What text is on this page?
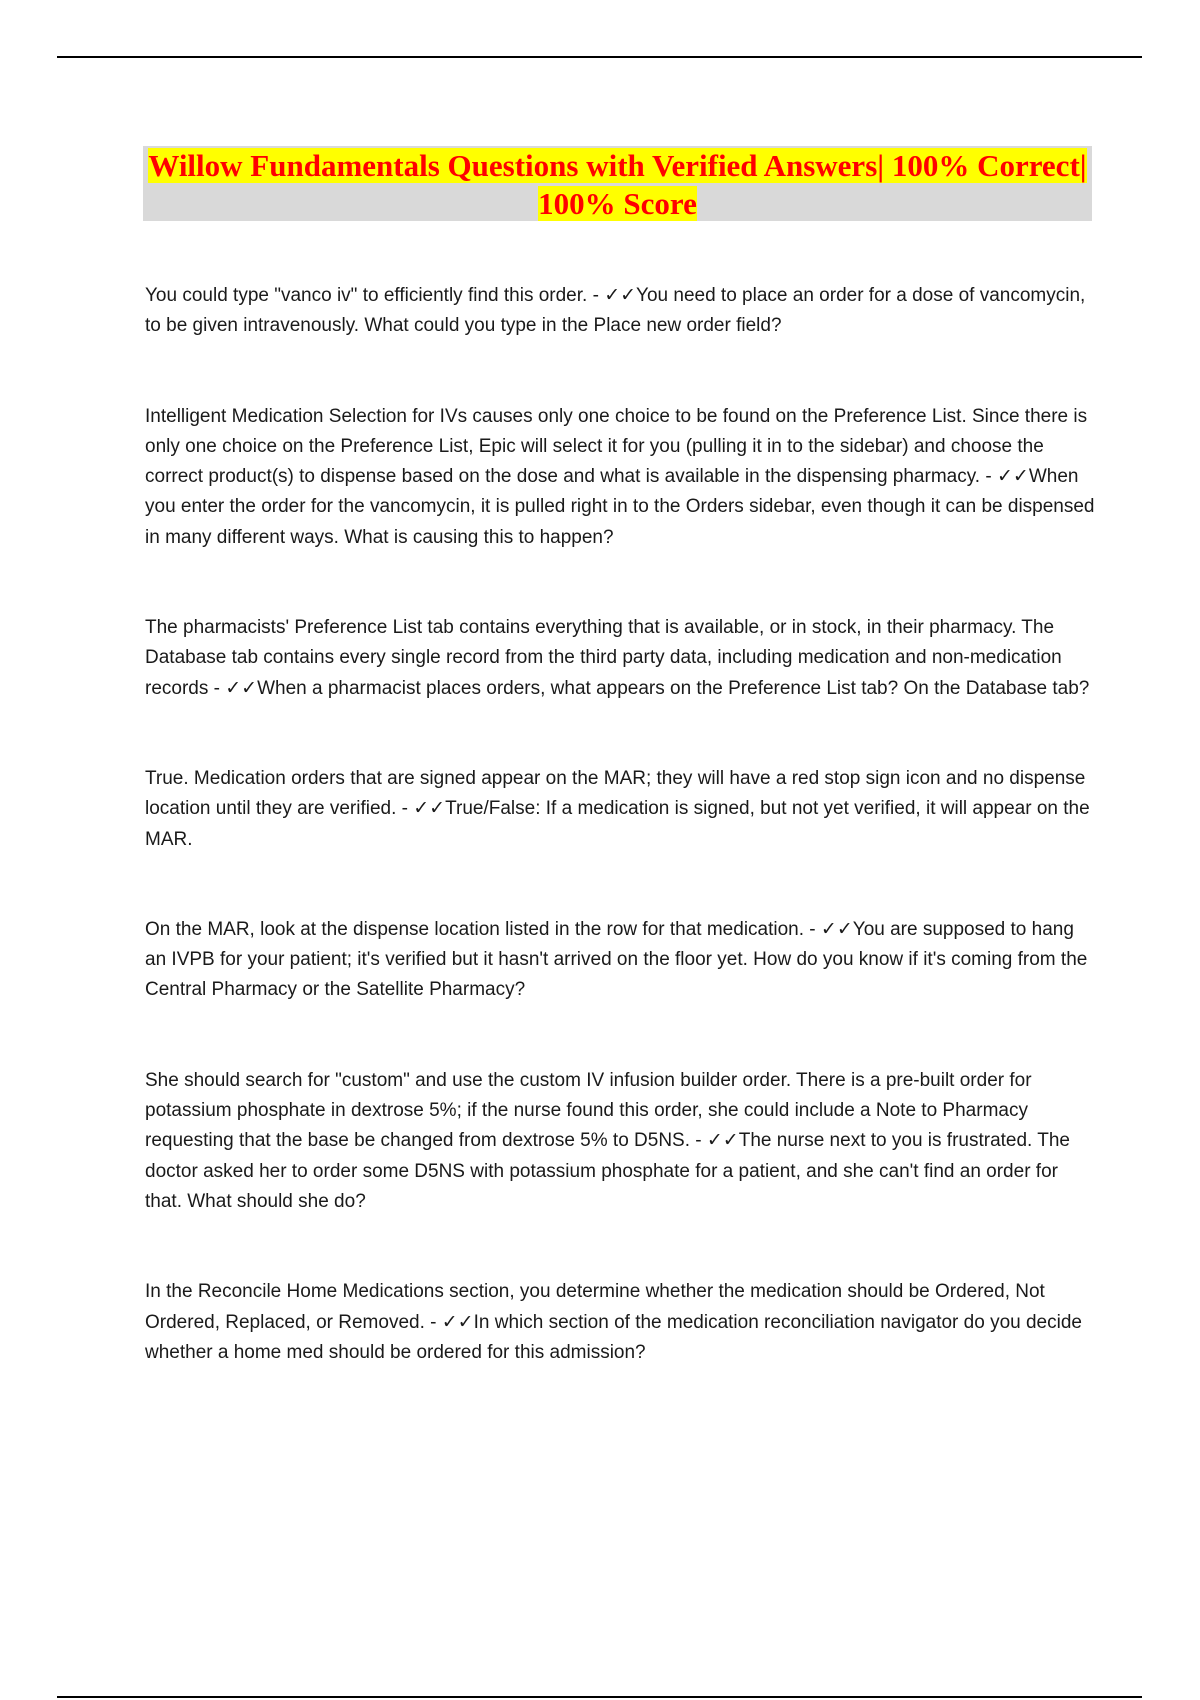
Willow Fundamentals Questions with Verified Answers| 100% Correct| 100% Score

You could type "vanco iv" to efficiently find this order. - ✓✓You need to place an order for a dose of vancomycin, to be given intravenously. What could you type in the Place new order field?

Intelligent Medication Selection for IVs causes only one choice to be found on the Preference List. Since there is only one choice on the Preference List, Epic will select it for you (pulling it in to the sidebar) and choose the correct product(s) to dispense based on the dose and what is available in the dispensing pharmacy. - ✓✓When you enter the order for the vancomycin, it is pulled right in to the Orders sidebar, even though it can be dispensed in many different ways. What is causing this to happen?

The pharmacists' Preference List tab contains everything that is available, or in stock, in their pharmacy. The Database tab contains every single record from the third party data, including medication and non-medication records - ✓✓When a pharmacist places orders, what appears on the Preference List tab? On the Database tab?

True. Medication orders that are signed appear on the MAR; they will have a red stop sign icon and no dispense location until they are verified. - ✓✓True/False: If a medication is signed, but not yet verified, it will appear on the MAR.

On the MAR, look at the dispense location listed in the row for that medication. - ✓✓You are supposed to hang an IVPB for your patient; it's verified but it hasn't arrived on the floor yet. How do you know if it's coming from the Central Pharmacy or the Satellite Pharmacy?

She should search for "custom" and use the custom IV infusion builder order. There is a pre-built order for potassium phosphate in dextrose 5%; if the nurse found this order, she could include a Note to Pharmacy requesting that the base be changed from dextrose 5% to D5NS. - ✓✓The nurse next to you is frustrated. The doctor asked her to order some D5NS with potassium phosphate for a patient, and she can't find an order for that. What should she do?

In the Reconcile Home Medications section, you determine whether the medication should be Ordered, Not Ordered, Replaced, or Removed. - ✓✓In which section of the medication reconciliation navigator do you decide whether a home med should be ordered for this admission?
